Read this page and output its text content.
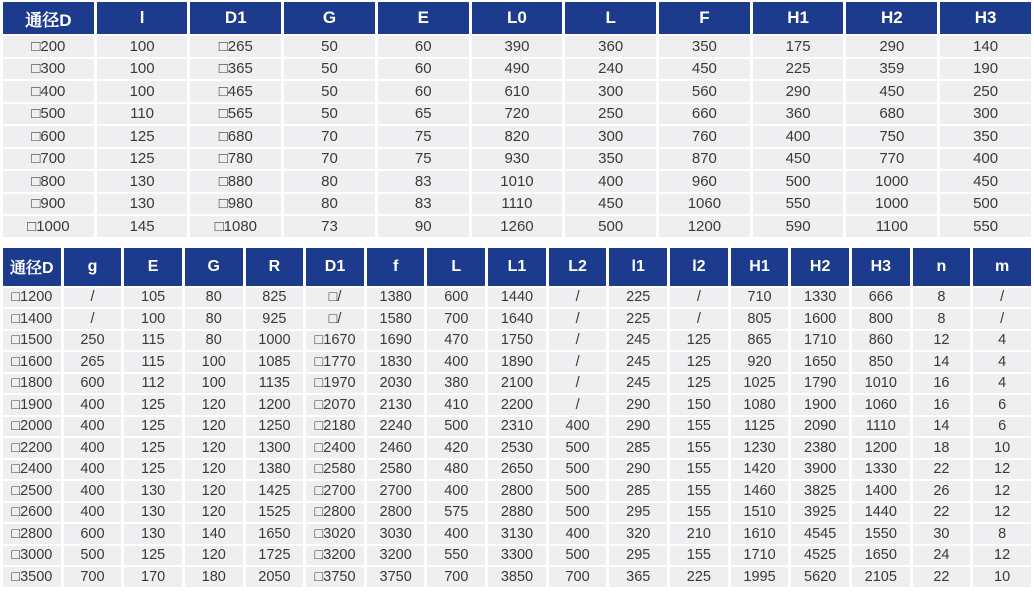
通径D	l	D1	G	E	L0	L	F	H1	H2	H3
□200	100	□265	50	60	390	360	350	175	290	140
□300	100	□365	50	60	490	240	450	225	359	190
□400	100	□465	50	60	610	300	560	290	450	250
□500	110	□565	50	65	720	250	660	360	680	300
□600	125	□680	70	75	820	300	760	400	750	350
□700	125	□780	70	75	930	350	870	450	770	400
□800	130	□880	80	83	1010	400	960	500	1000	450
□900	130	□980	80	83	1110	450	1060	550	1000	500
□1000	145	□1080	73	90	1260	500	1200	590	1100	550
通径D	g	E	G	R	D1	f	L	L1	L2	l1	l2	H1	H2	H3	n	m
□1200	/	105	80	825	□/	1380	600	1440	/	225	/	710	1330	666	8	/
□1400	/	100	80	925	□/	1580	700	1640	/	225	/	805	1600	800	8	/
□1500	250	115	80	1000	□1670	1690	470	1750	/	245	125	865	1710	860	12	4
□1600	265	115	100	1085	□1770	1830	400	1890	/	245	125	920	1650	850	14	4
□1800	600	112	100	1135	□1970	2030	380	2100	/	245	125	1025	1790	1010	16	4
□1900	400	125	120	1200	□2070	2130	410	2200	/	290	150	1080	1900	1060	16	6
□2000	400	125	120	1250	□2180	2240	500	2310	400	290	155	1125	2090	1110	14	6
□2200	400	125	120	1300	□2400	2460	420	2530	500	285	155	1230	2380	1200	18	10
□2400	400	125	120	1380	□2580	2580	480	2650	500	290	155	1420	3900	1330	22	12
□2500	400	130	120	1425	□2700	2700	400	2800	500	285	155	1460	3825	1400	26	12
□2600	400	130	120	1525	□2800	2800	575	2880	500	295	155	1510	3925	1440	22	12
□2800	600	130	140	1650	□3020	3030	400	3130	400	320	210	1610	4545	1550	30	8
□3000	500	125	120	1725	□3200	3200	550	3300	500	295	155	1710	4525	1650	24	12
□3500	700	170	180	2050	□3750	3750	700	3850	700	365	225	1995	5620	2105	22	10
